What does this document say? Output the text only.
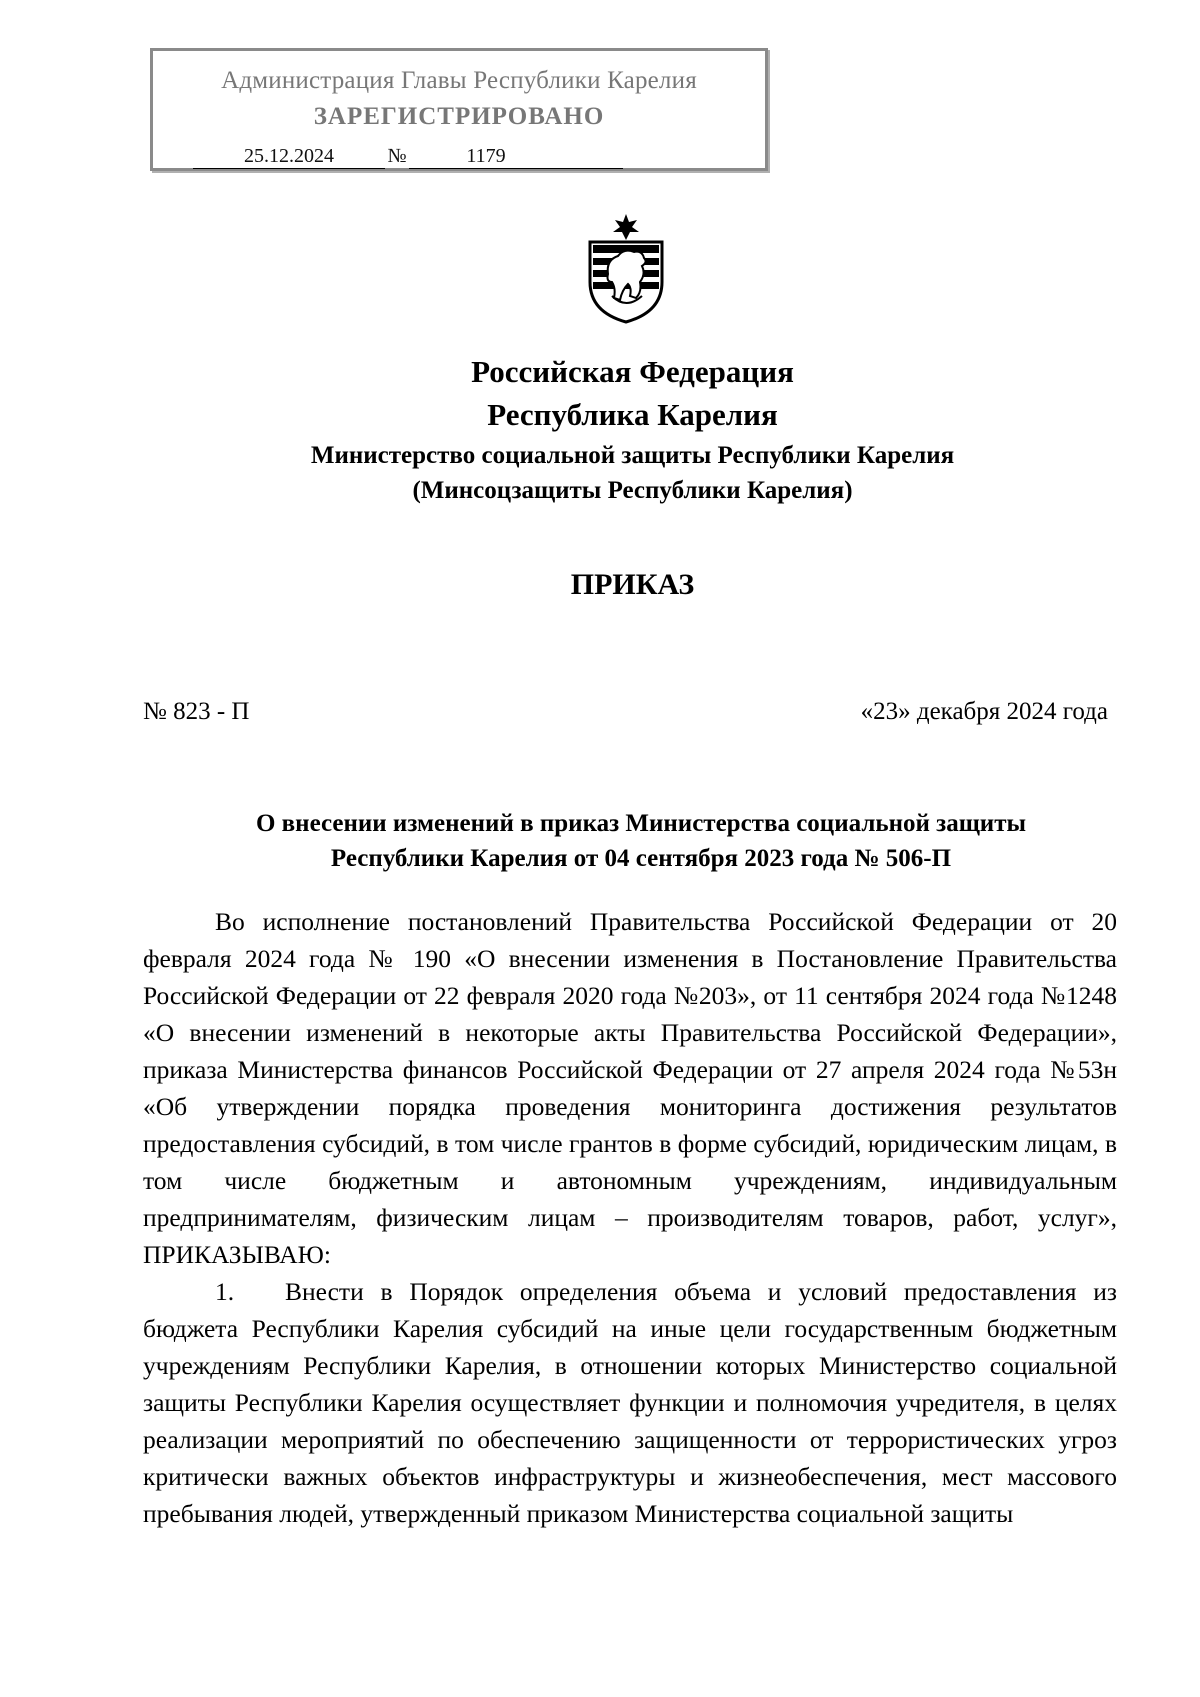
Администрация Главы Республики Карелия
ЗАРЕГИСТРИРОВАНО
25.12.2024	№	1179
Российская Федерация
Республика Карелия
Министерство социальной защиты Республики Карелия
(Минсоцзащиты Республики Карелия)
ПРИКАЗ
№ 823 - П	«23» декабря 2024 года
О внесении изменений в приказ Министерства социальной защиты
Республики Карелия от 04 сентября 2023 года № 506-П

Во исполнение постановлений Правительства Российской Федерации от 20 февраля 2024 года № 190 «О внесении изменения в Постановление Правительства Российской Федерации от 22 февраля 2020 года №203», от 11 сентября 2024 года №1248 «О внесении изменений в некоторые акты Правительства Российской Федерации», приказа Министерства финансов Российской Федерации от 27 апреля 2024 года №53н «Об утверждении порядка проведения мониторинга достижения результатов предоставления субсидий, в том числе грантов в форме субсидий, юридическим лицам, в том числе бюджетным и автономным учреждениям, индивидуальным предпринимателям, физическим лицам – производителям товаров, работ, услуг», ПРИКАЗЫВАЮ:

1. Внести в Порядок определения объема и условий предоставления из бюджета Республики Карелия субсидий на иные цели государственным бюджетным учреждениям Республики Карелия, в отношении которых Министерство социальной защиты Республики Карелия осуществляет функции и полномочия учредителя, в целях реализации мероприятий по обеспечению защищенности от террористических угроз критически важных объектов инфраструктуры и жизнеобеспечения, мест массового пребывания людей, утвержденный приказом Министерства социальной защиты
